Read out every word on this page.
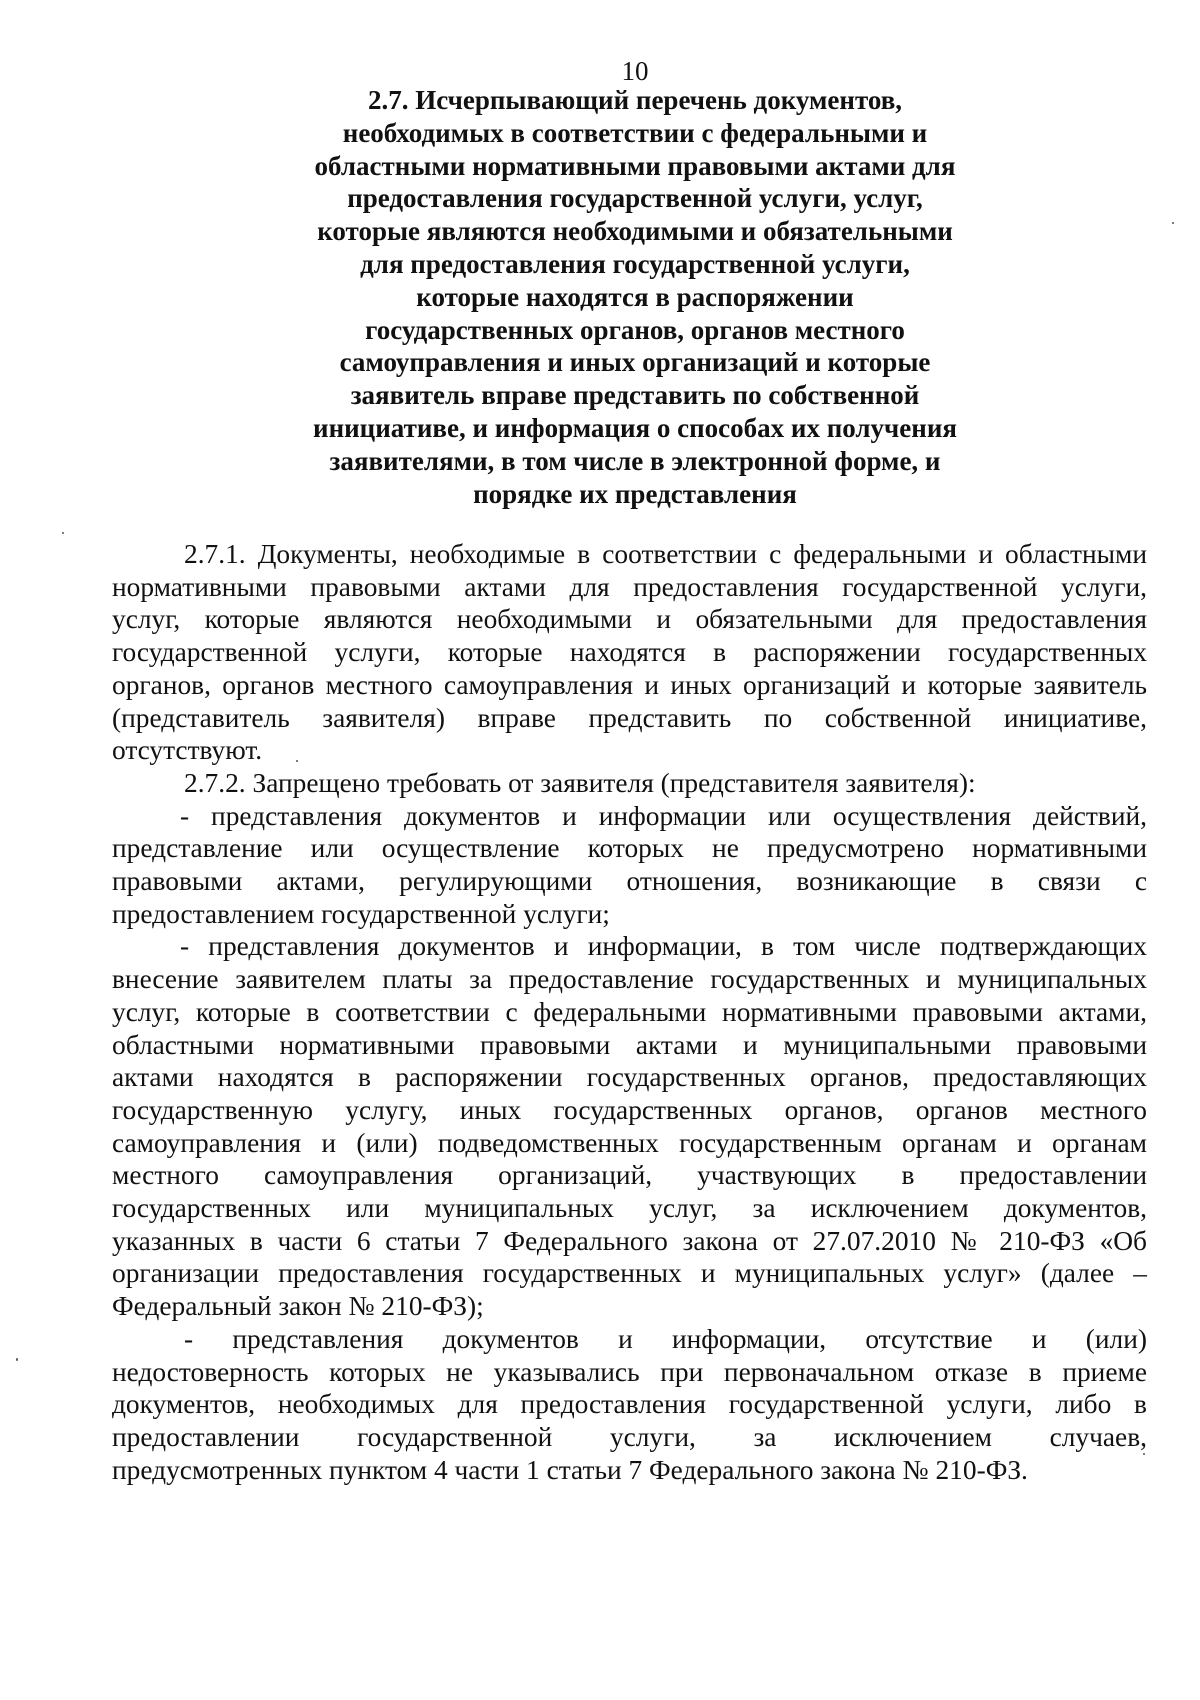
10
2.7. Исчерпывающий перечень документов,
необходимых в соответствии с федеральными и
областными нормативными правовыми актами для
предоставления государственной услуги, услуг,
которые являются необходимыми и обязательными
для предоставления государственной услуги,
которые находятся в распоряжении
государственных органов, органов местного
самоуправления и иных организаций и которые
заявитель вправе представить по собственной
инициативе, и информация о способах их получения
заявителями, в том числе в электронной форме, и
порядке их представления

2.7.1. Документы, необходимые в соответствии с федеральными и областными
нормативными правовыми актами для предоставления государственной услуги,
услуг, которые являются необходимыми и обязательными для предоставления
государственной услуги, которые находятся в распоряжении государственных
органов, органов местного самоуправления и иных организаций и которые заявитель
(представитель заявителя) вправе представить по собственной инициативе,
отсутствуют.

2.7.2. Запрещено требовать от заявителя (представителя заявителя):

- представления документов и информации или осуществления действий,
представление или осуществление которых не предусмотрено нормативными
правовыми актами, регулирующими отношения, возникающие в связи с
предоставлением государственной услуги;

- представления документов и информации, в том числе подтверждающих
внесение заявителем платы за предоставление государственных и муниципальных
услуг, которые в соответствии с федеральными нормативными правовыми актами,
областными нормативными правовыми актами и муниципальными правовыми
актами находятся в распоряжении государственных органов, предоставляющих
государственную услугу, иных государственных органов, органов местного
самоуправления и (или) подведомственных государственным органам и органам
местного самоуправления организаций, участвующих в предоставлении
государственных или муниципальных услуг, за исключением документов,
указанных в части 6 статьи 7 Федерального закона от 27.07.2010 № 210-ФЗ «Об
организации предоставления государственных и муниципальных услуг» (далее –
Федеральный закон № 210-ФЗ);

- представления документов и информации, отсутствие и (или)
недостоверность которых не указывались при первоначальном отказе в приеме
документов, необходимых для предоставления государственной услуги, либо в
предоставлении государственной услуги, за исключением случаев,
предусмотренных пунктом 4 части 1 статьи 7 Федерального закона № 210-ФЗ.
